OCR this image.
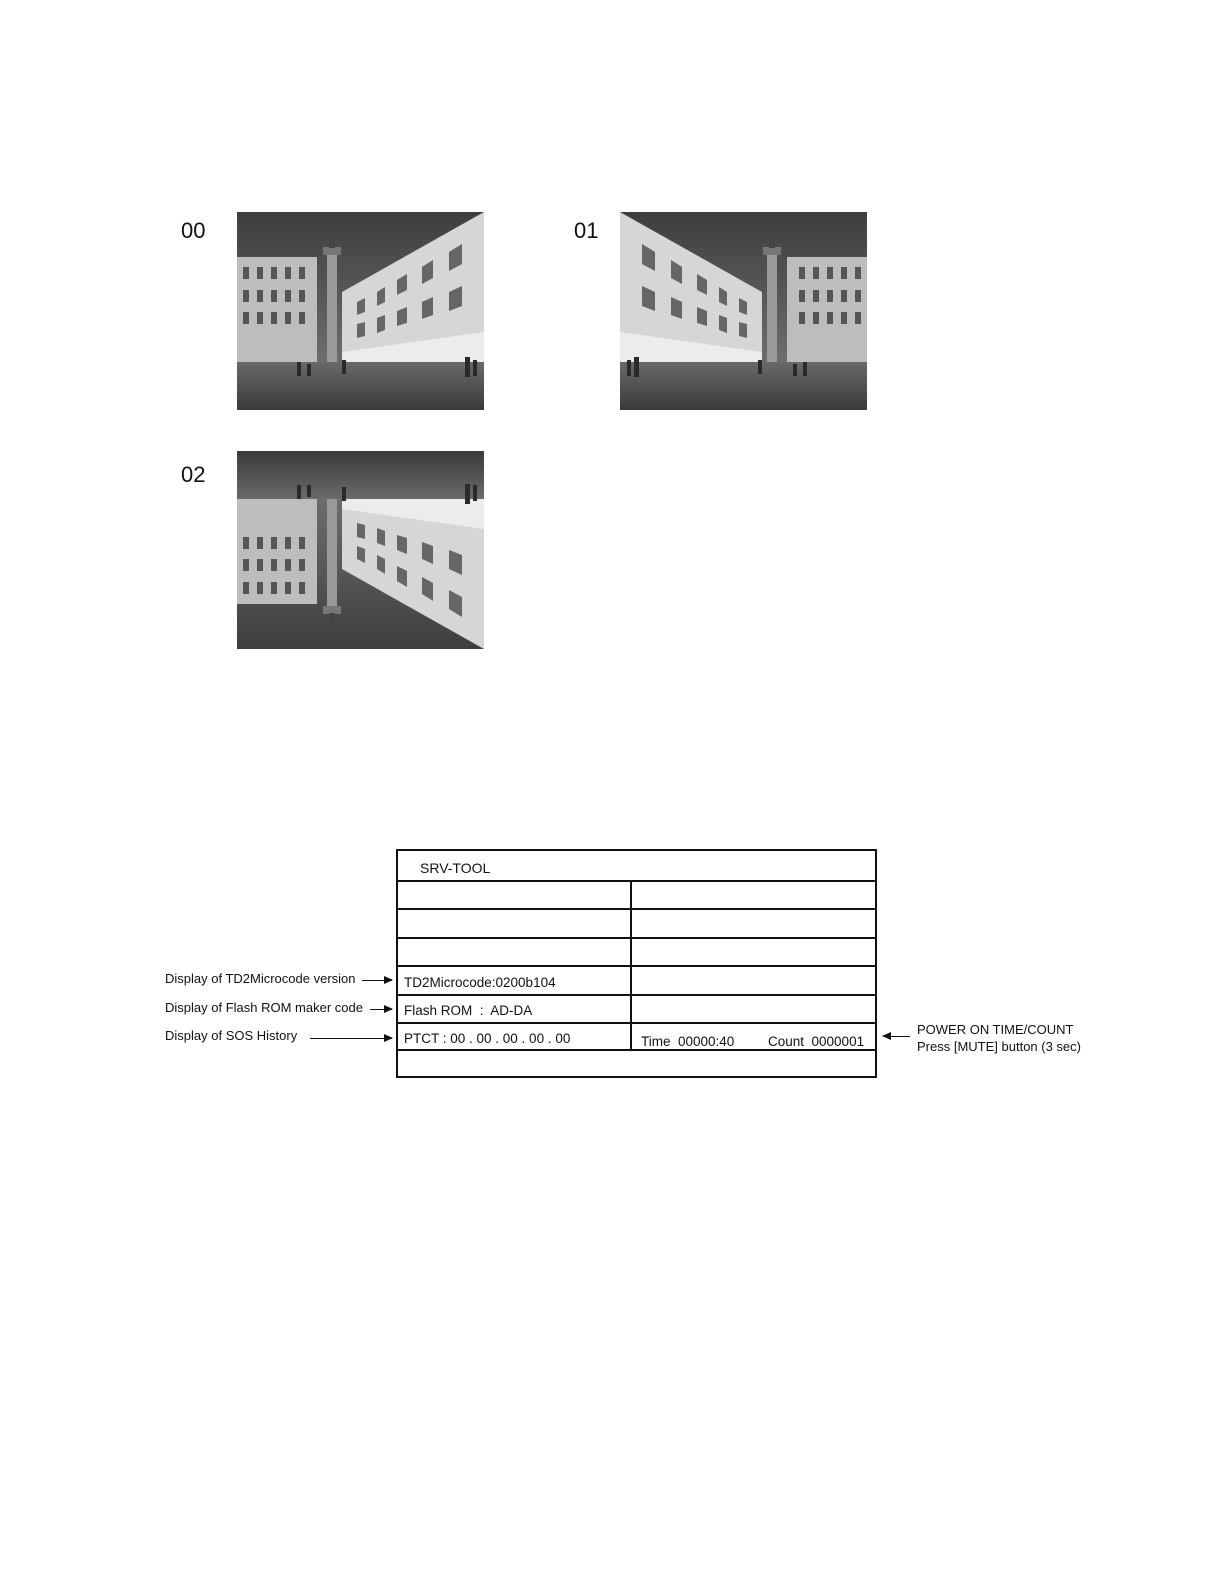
00	01
02
SRV-TOOL
TD2Microcode:0200b104
Flash ROM  :  AD-DA
PTCT : 00 . 00 . 00 . 00 . 00	Time  00000:40 Count  0000001
Display of TD2Microcode version
Display of Flash ROM maker code
Display of SOS History	POWER ON TIME/COUNT
Press [MUTE] button (3 sec)
